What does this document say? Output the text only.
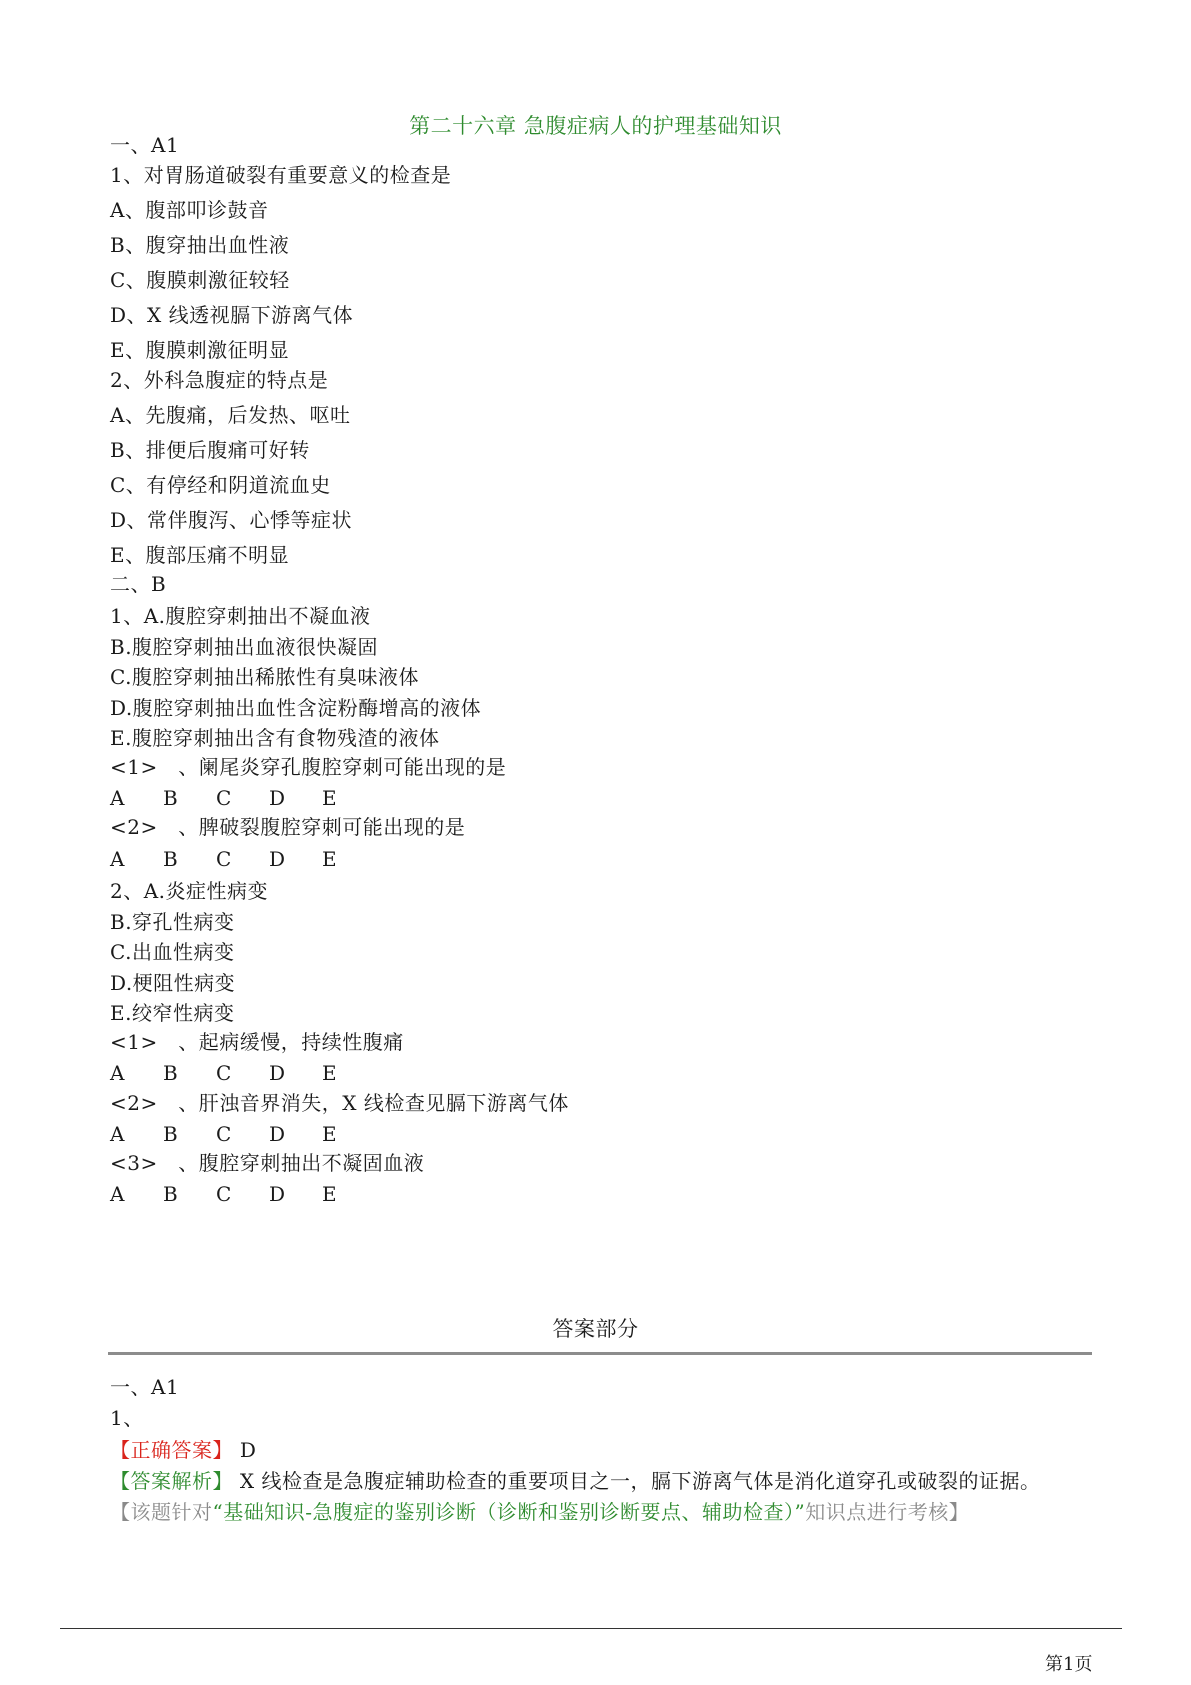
第二十六章 急腹症病人的护理基础知识
一、A1
1、对胃肠道破裂有重要意义的检查是
A、腹部叩诊鼓音
B、腹穿抽出血性液
C、腹膜刺激征较轻
D、X 线透视膈下游离气体
E、腹膜刺激征明显
2、外科急腹症的特点是
A、先腹痛，后发热、呕吐
B、排便后腹痛可好转
C、有停经和阴道流血史
D、常伴腹泻、心悸等症状
E、腹部压痛不明显
二、B
1、A.腹腔穿刺抽出不凝血液
B.腹腔穿刺抽出血液很快凝固
C.腹腔穿刺抽出稀脓性有臭味液体
D.腹腔穿刺抽出血性含淀粉酶增高的液体
E.腹腔穿刺抽出含有食物残渣的液体
<1>　、阑尾炎穿孔腹腔穿刺可能出现的是
A	B	C	D	E
<2>　、脾破裂腹腔穿刺可能出现的是
A	B	C	D	E
2、A.炎症性病变
B.穿孔性病变
C.出血性病变
D.梗阻性病变
E.绞窄性病变
<1>　、起病缓慢，持续性腹痛
A	B	C	D	E
<2>　、肝浊音界消失，X 线检查见膈下游离气体
A	B	C	D	E
<3>　、腹腔穿刺抽出不凝固血液
A	B	C	D	E
答案部分
一、A1
1、
【正确答案】 D
【答案解析】 X 线检查是急腹症辅助检查的重要项目之一，膈下游离气体是消化道穿孔或破裂的证据。
【该题针对“基础知识-急腹症的鉴别诊断（诊断和鉴别诊断要点、辅助检查）”知识点进行考核】
第1页
